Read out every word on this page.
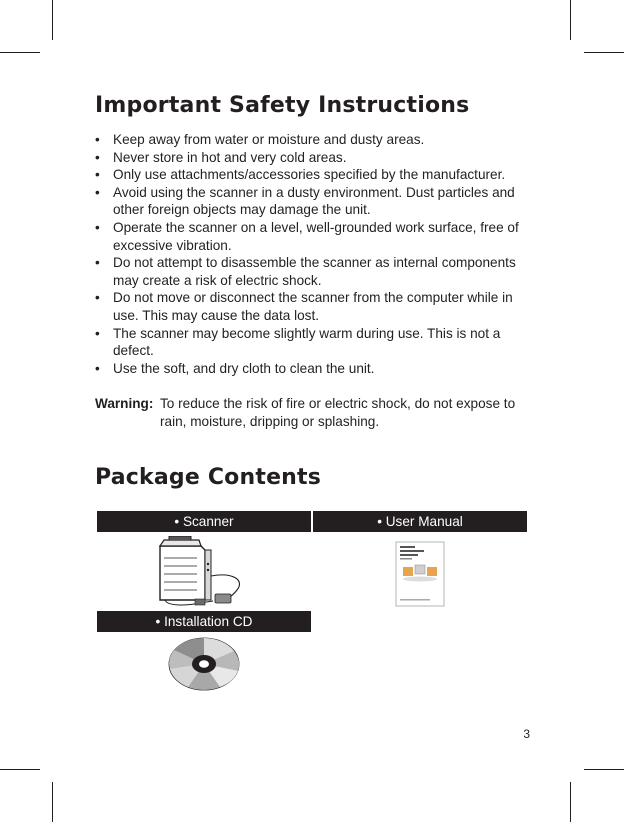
Important Safety Instructions
• Keep away from water or moisture and dusty areas.
• Never store in hot and very cold areas.
• Only use attachments/accessories specified by the manufacturer.
• Avoid using the scanner in a dusty environment. Dust particles and other foreign objects may damage the unit.
• Operate the scanner on a level, well-grounded work surface, free of excessive vibration.
• Do not attempt to disassemble the scanner as internal components may create a risk of electric shock.
• Do not move or disconnect the scanner from the computer while in use. This may cause the data lost.
• The scanner may become slightly warm during use. This is not a defect.
• Use the soft, and dry cloth to clean the unit.
Warning: To reduce the risk of fire or electric shock, do not expose to rain, moisture, dripping or splashing.
Package Contents
• Scanner	• User Manual
• Installation CD
3
